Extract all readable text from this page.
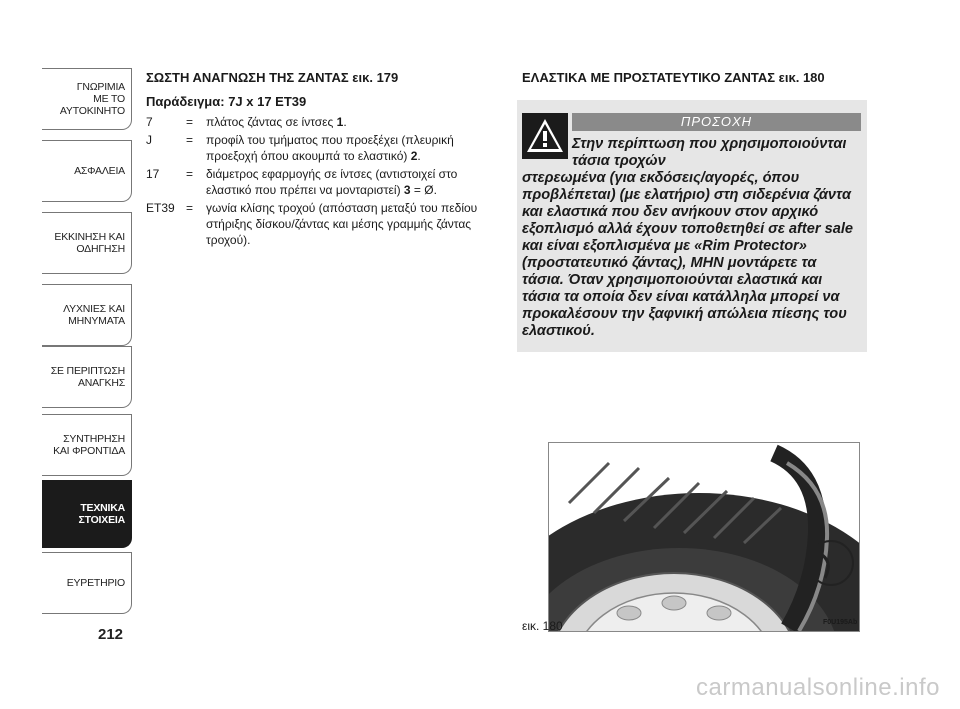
ΓΝΩΡΙΜΙΑ
ΜΕ ΤΟ
ΑΥΤΟΚΙΝΗΤΟ
ΑΣΦΑΛΕΙΑ
ΕΚΚΙΝΗΣΗ ΚΑΙ
ΟΔΗΓΗΣΗ
ΛΥΧΝΙΕΣ ΚΑΙ
ΜΗΝΥΜΑΤΑ
ΣΕ ΠΕΡΙΠΤΩΣΗ
ΑΝΑΓΚΗΣ
ΣΥΝΤΗΡΗΣΗ
ΚΑΙ ΦΡΟΝΤΙΔΑ
ΤΕΧΝΙΚΑ
ΣΤΟΙΧΕΙΑ
ΕΥΡΕΤΗΡΙΟ
212
ΣΩΣΤΗ ΑΝΑΓΝΩΣΗ ΤΗΣ ΖΑΝΤΑΣ εικ. 179
Παράδειγμα: 7J x 17 ET39
7	=	πλάτος ζάντας σε ίντσες 1.
J	=	προφίλ του τμήματος που προεξέχει (πλευρική προεξοχή όπου ακουμπά το ελαστικό) 2.
17	=	διάμετρος εφαρμογής σε ίντσες (αντιστοιχεί στο ελαστικό που πρέπει να μονταριστεί) 3 = Ø.
ET39 =	γωνία κλίσης τροχού (απόσταση μεταξύ του πεδίου στήριξης δίσκου/ζάντας και μέσης γραμμής ζάντας τροχού).
ΕΛΑΣΤΙΚΑ ΜΕ ΠΡΟΣΤΑΤΕΥΤΙΚΟ ΖΑΝΤΑΣ εικ. 180
ΠΡΟΣΟΧΗ
Στην περίπτωση που χρησιμοποιούνται τάσια τροχών
στερεωμένα (για εκδόσεις/αγορές, όπου προβλέπεται) (με ελατήριο) στη σιδερένια ζάντα και ελαστικά που δεν ανήκουν στον αρχικό εξοπλισμό αλλά έχουν τοποθετηθεί σε after sale και είναι εξοπλισμένα με «Rim Protector» (προστατευτικό ζάντας), ΜΗΝ μοντάρετε τα τάσια. Όταν χρησιμοποιούνται ελαστικά και τάσια τα οποία δεν είναι κατάλληλα μπορεί να προκαλέσουν την ξαφνική απώλεια πίεσης του ελαστικού.
εικ. 180	F0U195Ab
carmanualsonline.info
